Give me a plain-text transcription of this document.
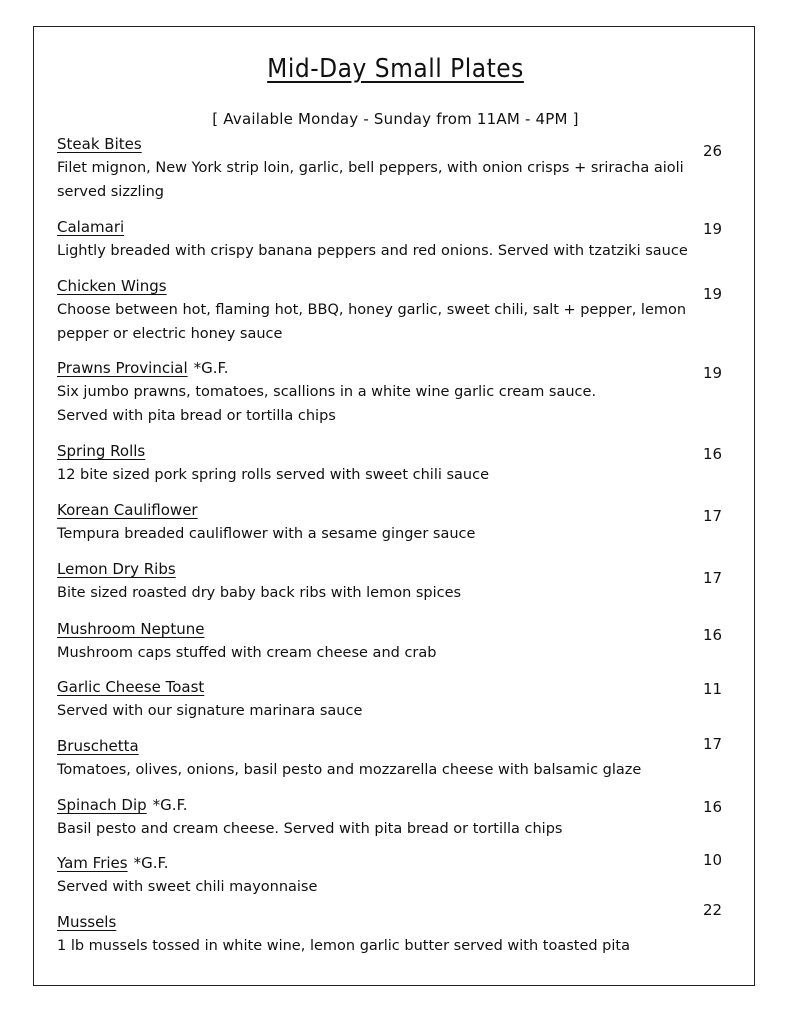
Mid-Day Small Plates
[ Available Monday - Sunday from 11AM - 4PM ]
Steak Bites
Filet mignon, New York strip loin, garlic, bell peppers, with onion crisps + sriracha aioli served sizzling
26
Calamari
Lightly breaded with crispy banana peppers and red onions. Served with tzatziki sauce
19
Chicken Wings
Choose between hot, flaming hot, BBQ, honey garlic, sweet chili, salt + pepper, lemon pepper or electric honey sauce
19
Prawns Provincial *G.F.
Six jumbo prawns, tomatoes, scallions in a white wine garlic cream sauce. Served with pita bread or tortilla chips
19
Spring Rolls
12 bite sized pork spring rolls served with sweet chili sauce
16
Korean Cauliflower
Tempura breaded cauliflower with a sesame ginger sauce
17
Lemon Dry Ribs
Bite sized roasted dry baby back ribs with lemon spices
17
Mushroom Neptune
Mushroom caps stuffed with cream cheese and crab
16
Garlic Cheese Toast
Served with our signature marinara sauce
11
Bruschetta
Tomatoes, olives, onions, basil pesto and mozzarella cheese with balsamic glaze
17
Spinach Dip *G.F.
Basil pesto and cream cheese. Served with pita bread or tortilla chips
16
Yam Fries *G.F.
Served with sweet chili mayonnaise
10
Mussels
1 lb mussels tossed in white wine, lemon garlic butter served with toasted pita
22
